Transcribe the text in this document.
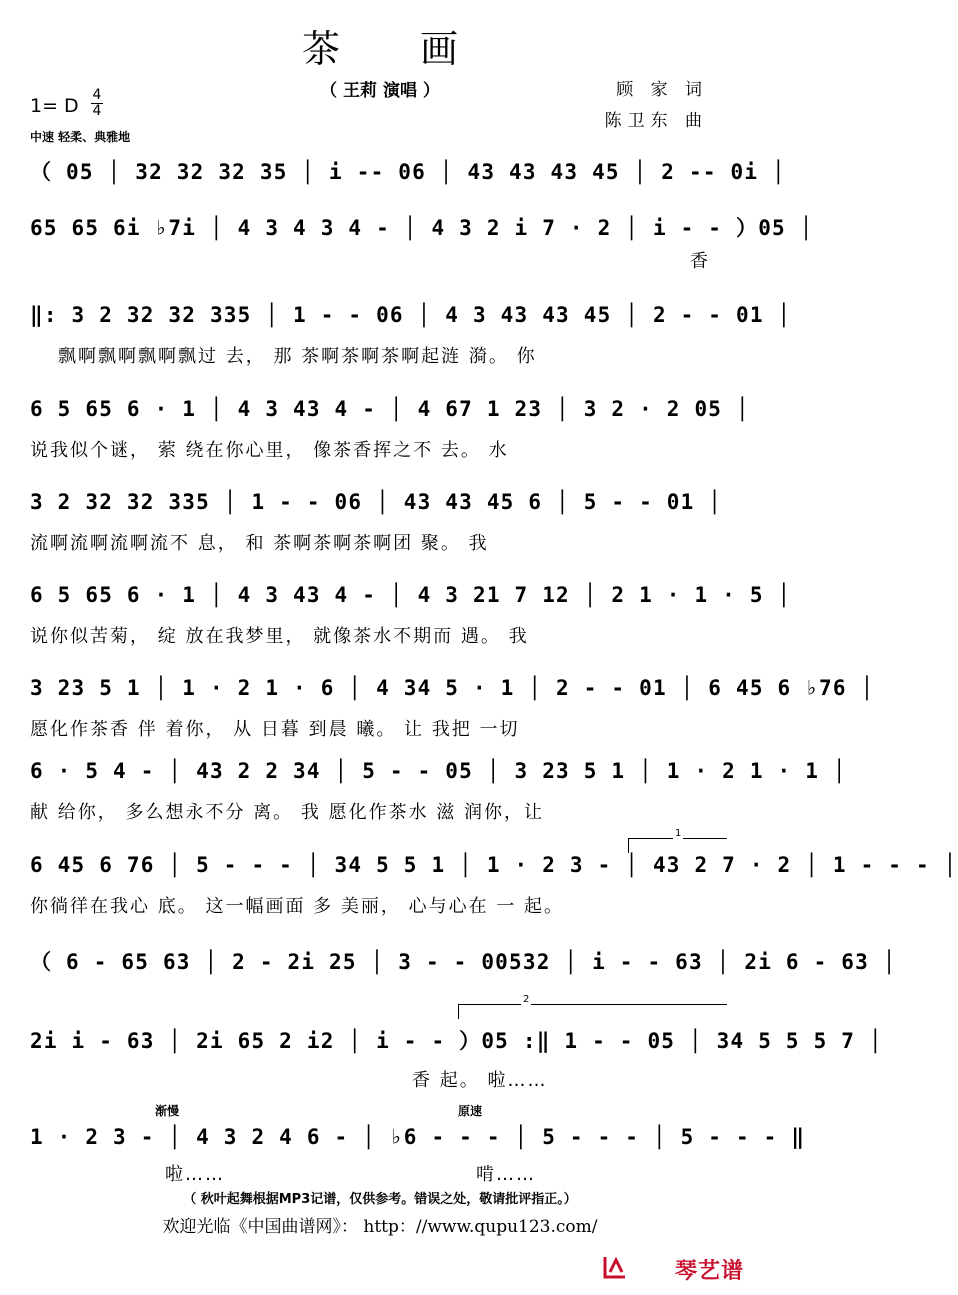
茶 画
（ 王莉 演唱 ）	顾 家 词
陈卫东 曲
1= D 4
4
中速 轻柔、典雅地
（ 05 │ 32 32 32 35 │ i -- 06 │ 43 43 43 45 │ 2 -- 0i │
65 65 6i ♭7i │ 4 3 4 3 4 - │ 4 3 2 i 7 · 2 │ i - - ）05 │
香
‖: 3 2 32 32 335 │ 1 - - 06 │ 4 3 43 43 45 │ 2 - - 01 │
飘啊飘啊飘啊飘过 去， 那 茶啊茶啊茶啊起涟 漪。 你
6 5 65 6 · 1 │ 4 3 43 4 - │ 4 67 1 23 │ 3 2 · 2 05 │
说我似个谜， 萦 绕在你心里， 像茶香挥之不 去。 水
3 2 32 32 335 │ 1 - - 06 │ 43 43 45 6 │ 5 - - 01 │
流啊流啊流啊流不 息， 和 茶啊茶啊茶啊团 聚。 我
6 5 65 6 · 1 │ 4 3 43 4 - │ 4 3 21 7 12 │ 2 1 · 1 · 5 │
说你似苦菊， 绽 放在我梦里， 就像茶水不期而 遇。 我
3 23 5 1 │ 1 · 2 1 · 6 │ 4 34 5 · 1 │ 2 - - 01 │ 6 45 6 ♭76 │
愿化作茶香 伴 着你， 从 日暮 到晨 曦。 让 我把 一切
6 · 5 4 - │ 43 2 2 34 │ 5 - - 05 │ 3 23 5 1 │ 1 · 2 1 · 1 │
献 给你， 多么想永不分 离。 我 愿化作茶水 滋 润你，让
1
6 45 6 76 │ 5 - - - │ 34 5 5 1 │ 1 · 2 3 - │ 43 2 7 · 2 │ 1 - - - │
你徜徉在我心 底。 这一幅画面 多 美丽， 心与心在 一 起。
（ 6 - 65 63 │ 2 - 2i 25 │ 3 - - 00532 │ i - - 63 │ 2i 6 - 63 │
2
2i i - 63 │ 2i 65 2 i2 │ i - - ）05 :‖ 1 - - 05 │ 34 5 5 5 7 │
香 起。 啦……
渐慢	原速
1 · 2 3 - │ 4 3 2 4 6 - │ ♭6 - - - │ 5 - - - │ 5 - - - ‖
啦……	啃……
（ 秋叶起舞根据MP3记谱，仅供参考。错误之处，敬请批评指正。）
欢迎光临《中国曲谱网》： http：//www.qupu123.com/
琴艺谱
